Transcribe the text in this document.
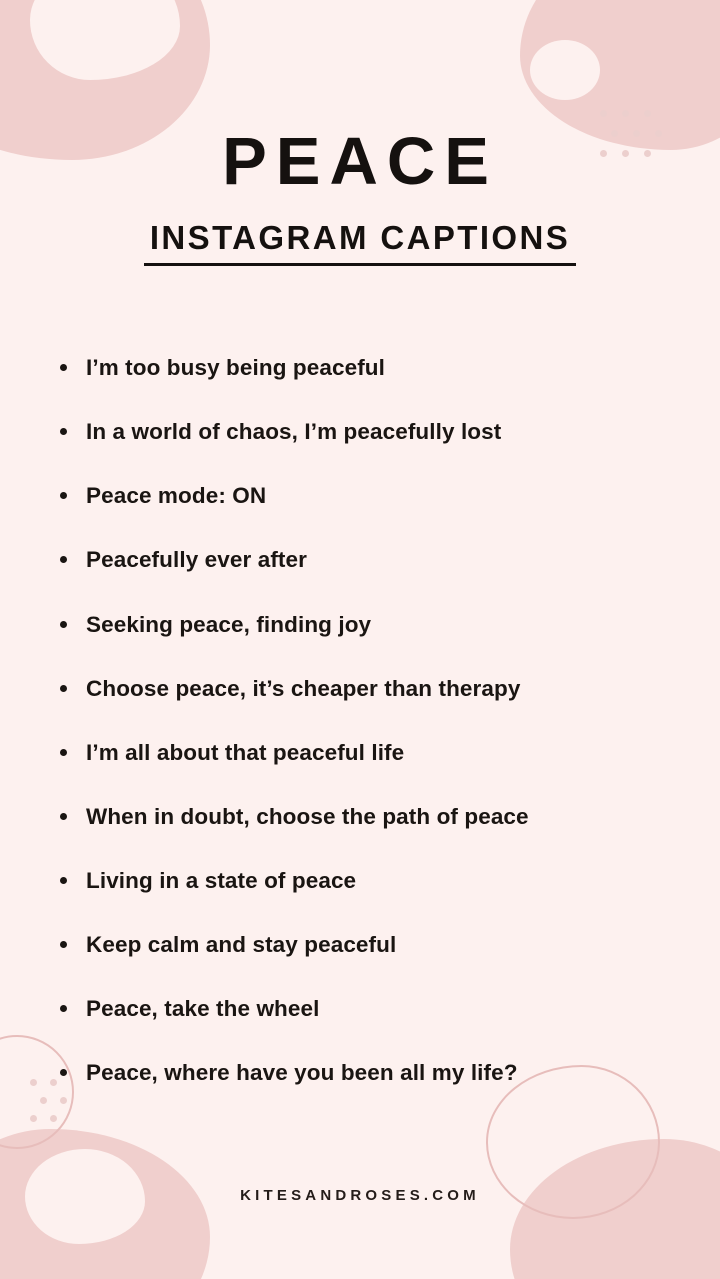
PEACE
INSTAGRAM CAPTIONS
I’m too busy being peaceful
In a world of chaos, I’m peacefully lost
Peace mode: ON
Peacefully ever after
Seeking peace, finding joy
Choose peace, it’s cheaper than therapy
I’m all about that peaceful life
When in doubt, choose the path of peace
Living in a state of peace
Keep calm and stay peaceful
Peace, take the wheel
Peace, where have you been all my life?
KITESANDROSES.COM
